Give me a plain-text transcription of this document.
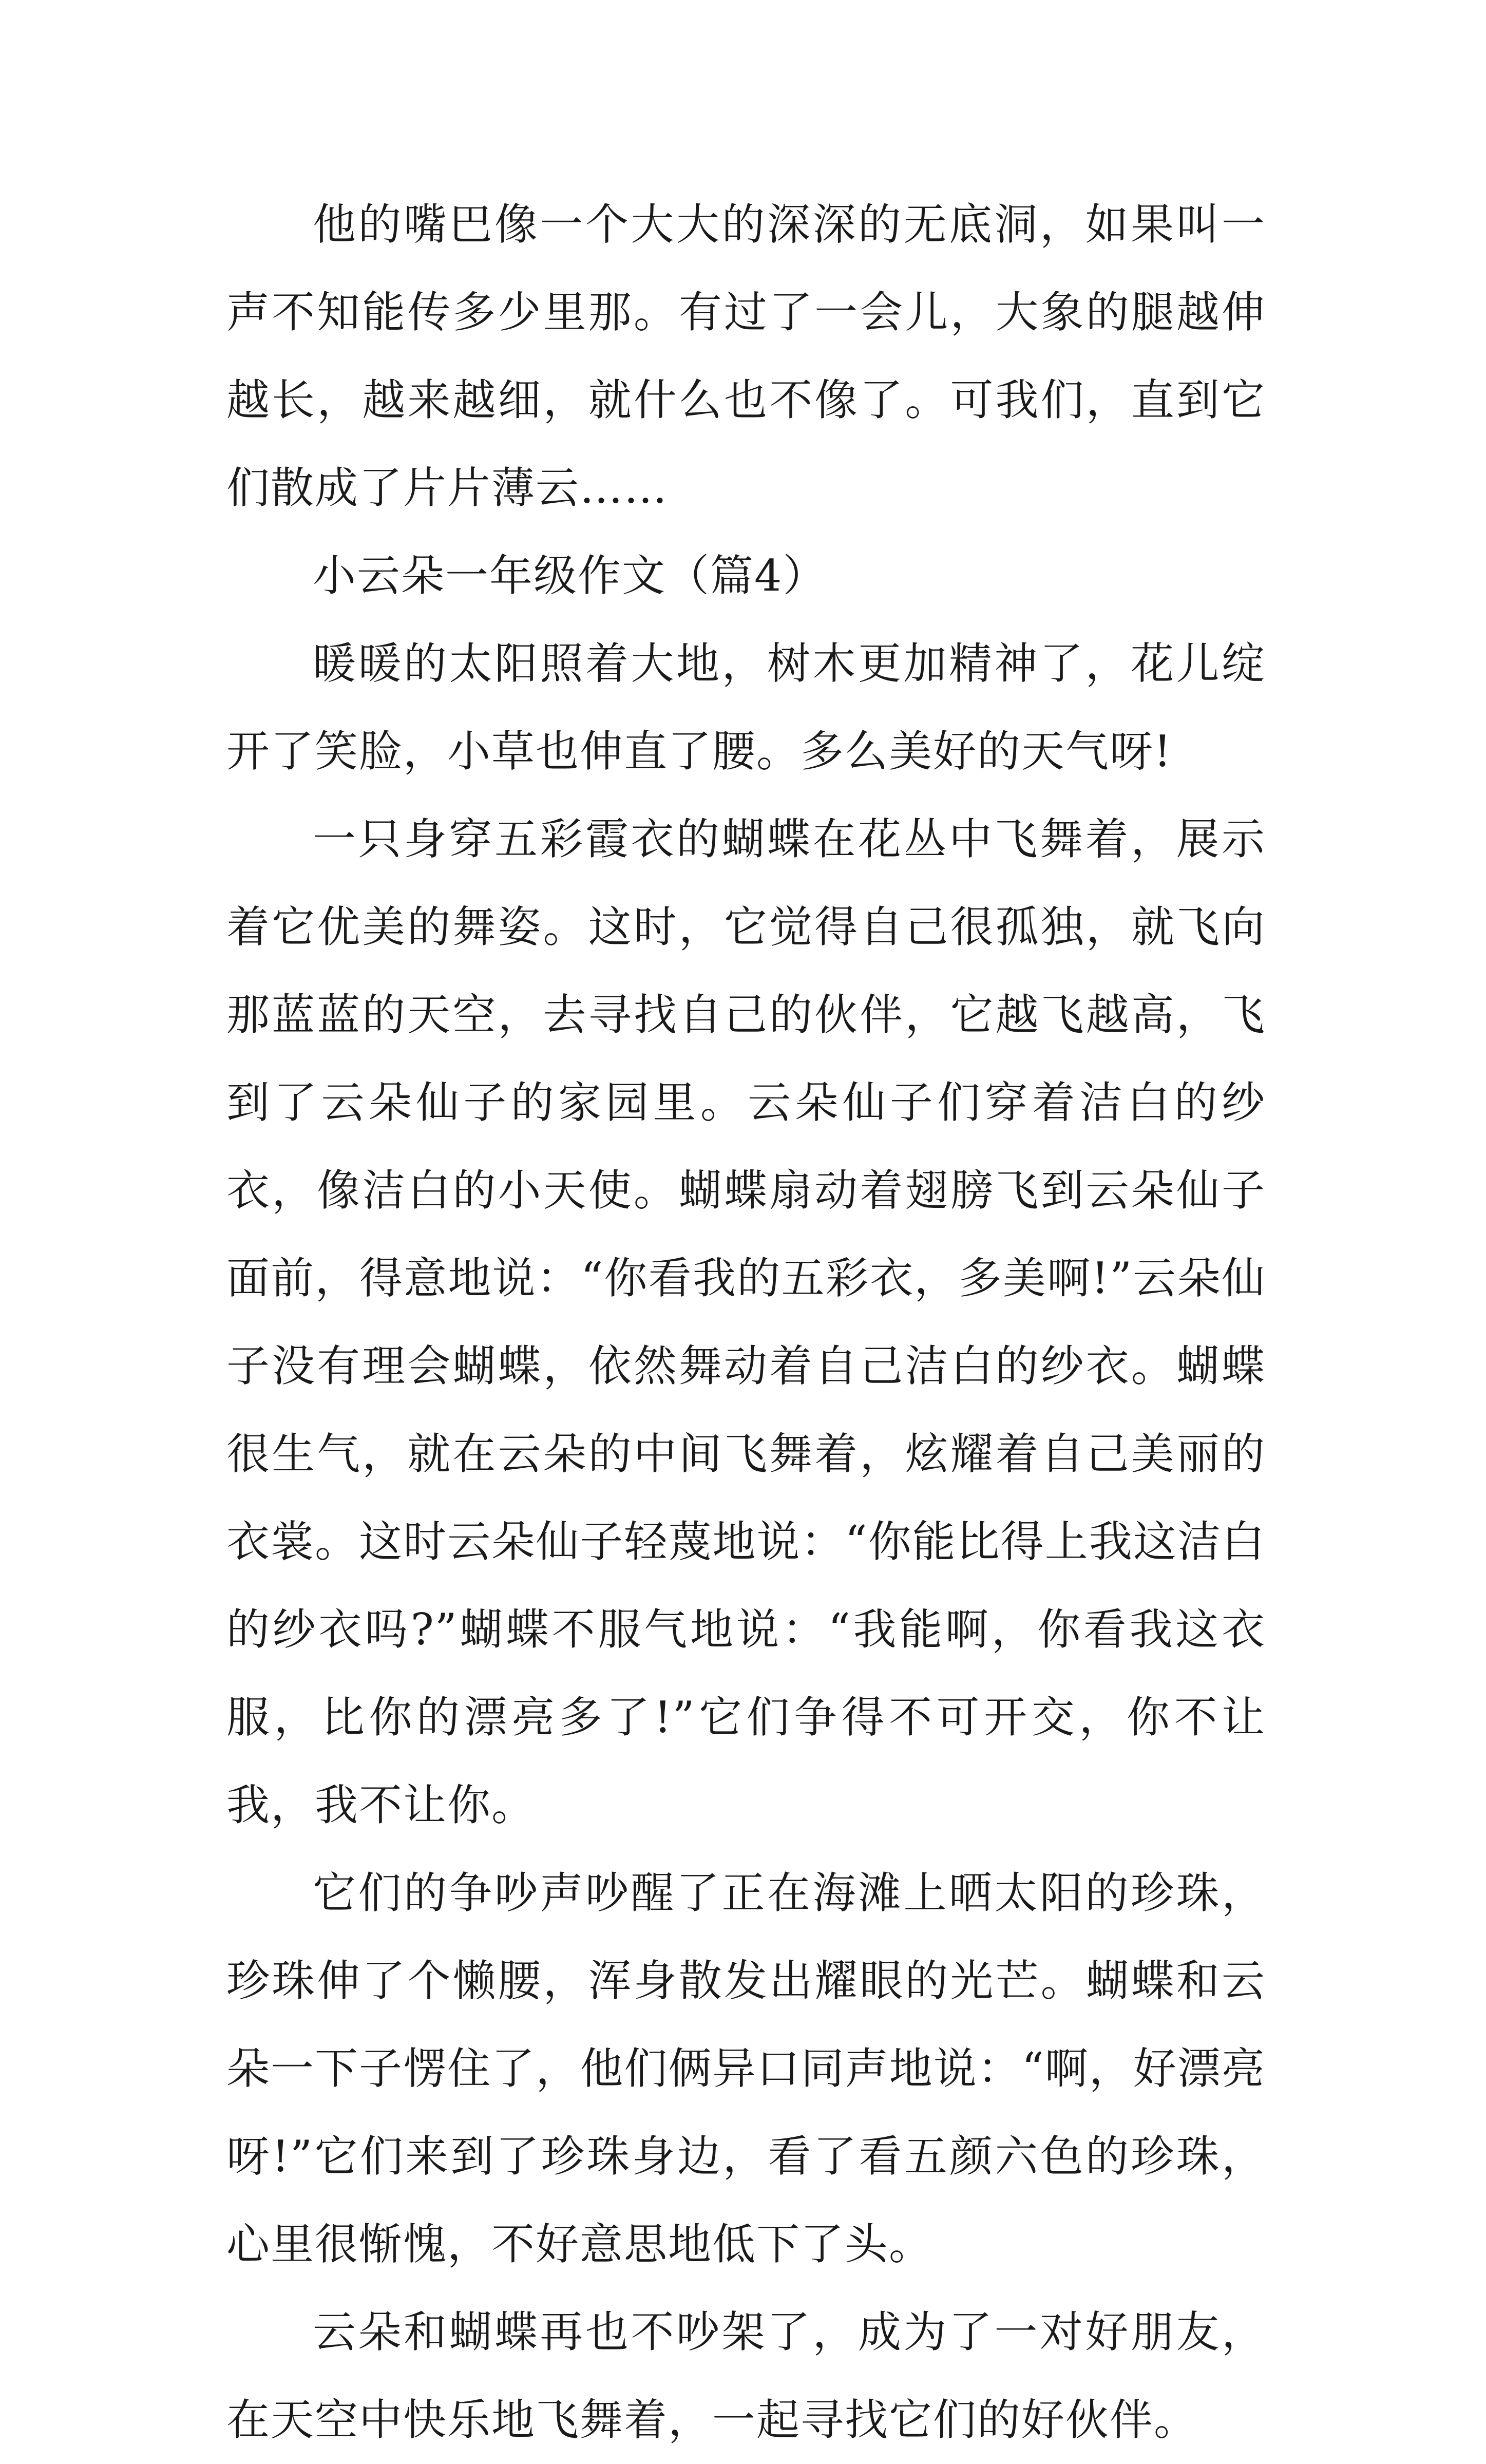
他的嘴巴像一个大大的深深的无底洞，如果叫一声不知能传多少里那。有过了一会儿，大象的腿越伸越长，越来越细，就什么也不像了。可我们，直到它们散成了片片薄云……

小云朵一年级作文（篇4）

暖暖的太阳照着大地，树木更加精神了，花儿绽开了笑脸，小草也伸直了腰。多么美好的天气呀!

一只身穿五彩霞衣的蝴蝶在花丛中飞舞着，展示着它优美的舞姿。这时，它觉得自己很孤独，就飞向那蓝蓝的天空，去寻找自己的伙伴，它越飞越高，飞到了云朵仙子的家园里。云朵仙子们穿着洁白的纱衣，像洁白的小天使。蝴蝶扇动着翅膀飞到云朵仙子面前，得意地说：“你看我的五彩衣，多美啊!”云朵仙子没有理会蝴蝶，依然舞动着自己洁白的纱衣。蝴蝶很生气，就在云朵的中间飞舞着，炫耀着自己美丽的衣裳。这时云朵仙子轻蔑地说：“你能比得上我这洁白的纱衣吗?”蝴蝶不服气地说：“我能啊，你看我这衣服，比你的漂亮多了!”它们争得不可开交，你不让我，我不让你。

它们的争吵声吵醒了正在海滩上晒太阳的珍珠，珍珠伸了个懒腰，浑身散发出耀眼的光芒。蝴蝶和云朵一下子愣住了，他们俩异口同声地说：“啊，好漂亮呀!”它们来到了珍珠身边，看了看五颜六色的珍珠，心里很惭愧，不好意思地低下了头。

云朵和蝴蝶再也不吵架了，成为了一对好朋友，在天空中快乐地飞舞着，一起寻找它们的好伙伴。
